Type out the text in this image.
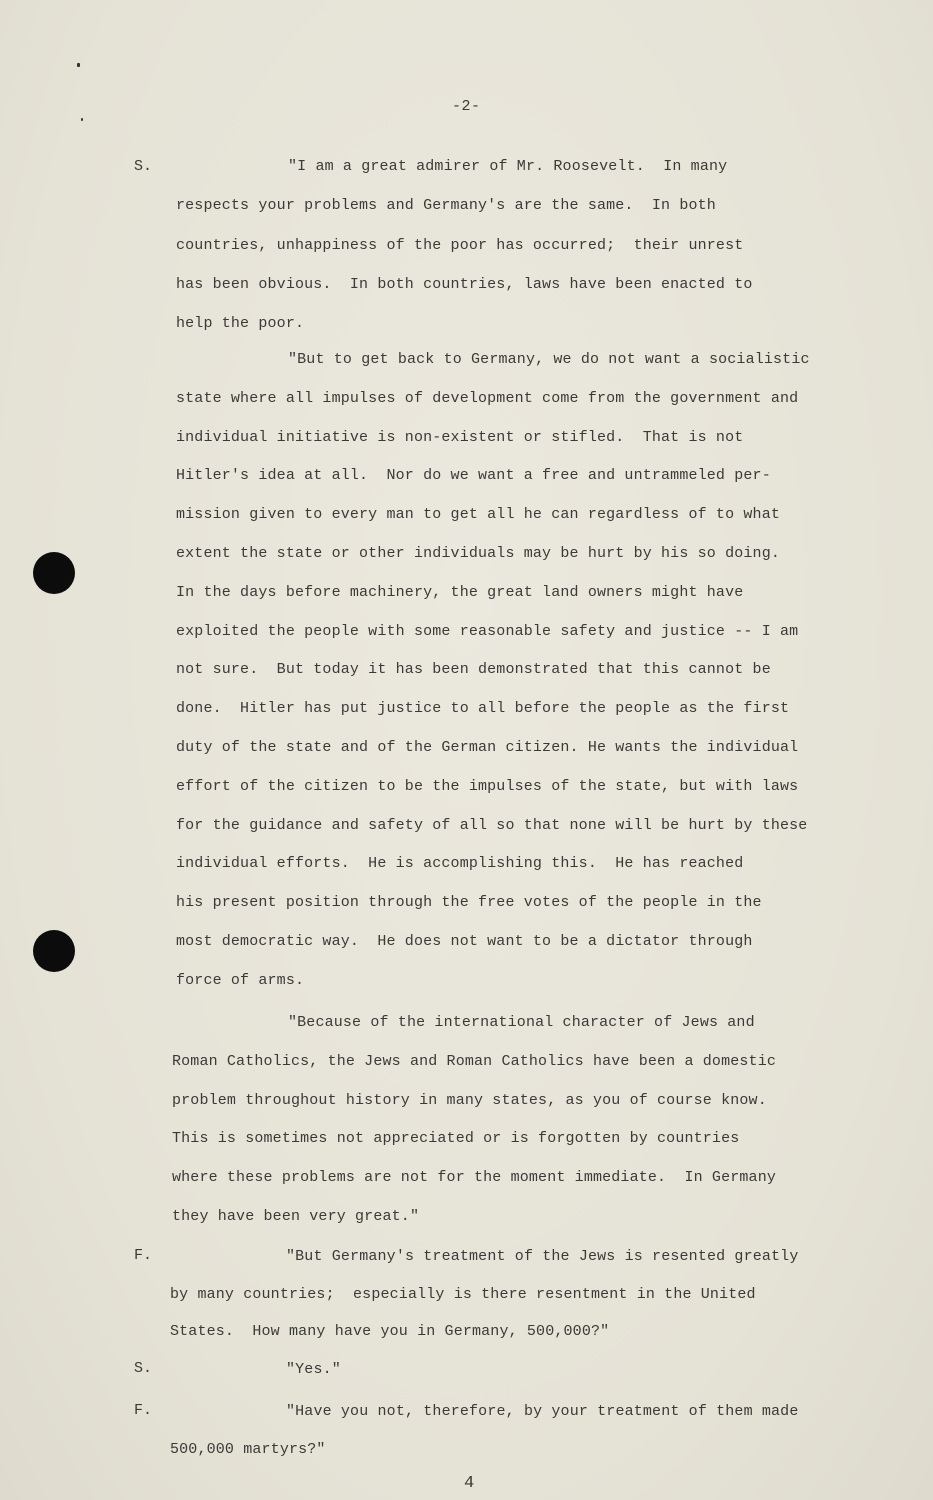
-2-
S.	"I am a great admirer of Mr. Roosevelt.  In many
respects your problems and Germany's are the same.  In both
countries, unhappiness of the poor has occurred;  their unrest
has been obvious.  In both countries, laws have been enacted to
help the poor.
"But to get back to Germany, we do not want a socialistic
state where all impulses of development come from the government and
individual initiative is non-existent or stifled.  That is not
Hitler's idea at all.  Nor do we want a free and untrammeled per-
mission given to every man to get all he can regardless of to what
extent the state or other individuals may be hurt by his so doing.
In the days before machinery, the great land owners might have
exploited the people with some reasonable safety and justice -- I am
not sure.  But today it has been demonstrated that this cannot be
done.  Hitler has put justice to all before the people as the first
duty of the state and of the German citizen. He wants the individual
effort of the citizen to be the impulses of the state, but with laws
for the guidance and safety of all so that none will be hurt by these
individual efforts.  He is accomplishing this.  He has reached
his present position through the free votes of the people in the
most democratic way.  He does not want to be a dictator through
force of arms.
"Because of the international character of Jews and
Roman Catholics, the Jews and Roman Catholics have been a domestic
problem throughout history in many states, as you of course know.
This is sometimes not appreciated or is forgotten by countries
where these problems are not for the moment immediate.  In Germany
they have been very great."
F.	"But Germany's treatment of the Jews is resented greatly
by many countries;  especially is there resentment in the United
States.  How many have you in Germany, 500,000?"
S.	"Yes."
F.	"Have you not, therefore, by your treatment of them made
500,000 martyrs?"
4
